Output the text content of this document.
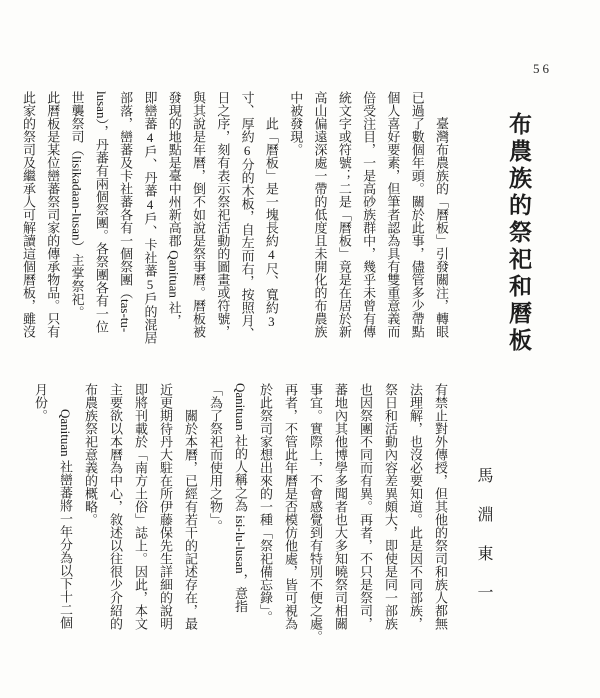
56
布農族的祭祀和曆板
馬淵東一
　　臺灣布農族的「曆板」引發關注，轉眼
已過了數個年頭。關於此事，儘管多少帶點
個人喜好要素，但筆者認為具有雙重意義而
倍受注目，一是高砂族群中，幾乎未曾有傳
統文字或符號；二是「曆板」竟是在居於新
高山偏遠深處一帶的低度且未開化的布農族
中被發現。
　　此「曆板」是一塊長約4尺、寬約3
寸、厚約6分的木板，自左而右，按照月、
日之序，刻有表示祭祀活動的圖畫或符號，
與其說是年曆，倒不如說是祭事曆。曆板被
發現的地點是臺中州新高郡 Qanituan 社，
即巒蕃4戶、丹蕃4戶、卡社蕃5戶的混居
部落，巒蕃及卡社蕃各有一個祭團（tas-tu-
lusan），丹蕃有兩個祭團。各祭團各有一位
世襲祭司（lisikadaan-lusan）主掌祭祀。
此曆板是某位巒蕃祭司家的傳承物品。只有
此家的祭司及繼承人可解讀這個曆板，雖沒
有禁止對外傳授，但其他的祭司和族人都無
法理解，也沒必要知道。此是因不同部族，
祭日和活動內容差異頗大，即使是同一部族
也因祭團不同而有異。再者，不只是祭司，
蕃地內其他博學多聞者也大多知曉祭司相關
事宜。實際上，不會感覺到有特別不便之處。
再者，不管此年曆是否模仿他處，皆可視為
於此祭司家想出來的一種「祭祀備忘錄」。
Qanituan 社的人稱之為 isi-lu-lusan，意指
「為了祭祀而使用之物」。
　　關於本曆，已經有若干的記述存在，最
近更期待丹大駐在所伊藤保先生詳細的說明
即將刊載於「南方土俗」誌上。因此，本文
主要欲以本曆為中心，敘述以往很少介紹的
布農族祭祀意義的概略。
　　Qanituan 社巒蕃將一年分為以下十二個
月份。
